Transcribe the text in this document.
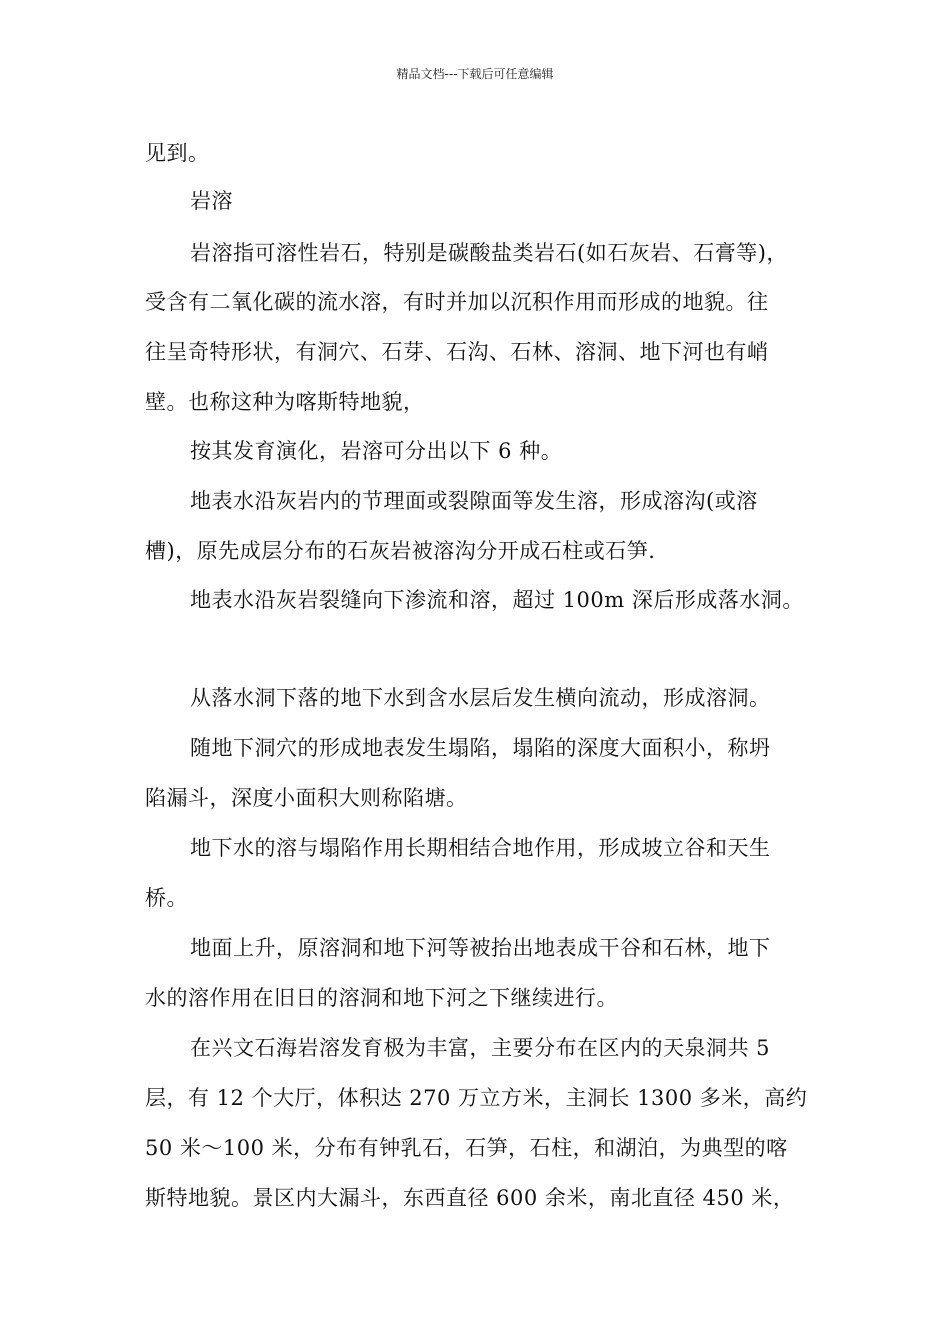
精品文档---下载后可任意编辑
见到。
岩溶
岩溶指可溶性岩石，特别是碳酸盐类岩石(如石灰岩、石膏等)，
受含有二氧化碳的流水溶，有时并加以沉积作用而形成的地貌。往
往呈奇特形状，有洞穴、石芽、石沟、石林、溶洞、地下河也有峭
壁。也称这种为喀斯特地貌，
按其发育演化，岩溶可分出以下 6 种。
地表水沿灰岩内的节理面或裂隙面等发生溶，形成溶沟(或溶
槽)，原先成层分布的石灰岩被溶沟分开成石柱或石笋.
地表水沿灰岩裂缝向下渗流和溶，超过 100m 深后形成落水洞。
从落水洞下落的地下水到含水层后发生横向流动，形成溶洞。
随地下洞穴的形成地表发生塌陷，塌陷的深度大面积小，称坍
陷漏斗，深度小面积大则称陷塘。
地下水的溶与塌陷作用长期相结合地作用，形成坡立谷和天生
桥。
地面上升，原溶洞和地下河等被抬出地表成干谷和石林，地下
水的溶作用在旧日的溶洞和地下河之下继续进行。
在兴文石海岩溶发育极为丰富，主要分布在区内的天泉洞共 5
层，有 12 个大厅，体积达 270 万立方米，主洞长 1300 多米，高约
50 米～100 米，分布有钟乳石，石笋，石柱，和湖泊，为典型的喀
斯特地貌。景区内大漏斗，东西直径 600 余米，南北直径 450 米，
